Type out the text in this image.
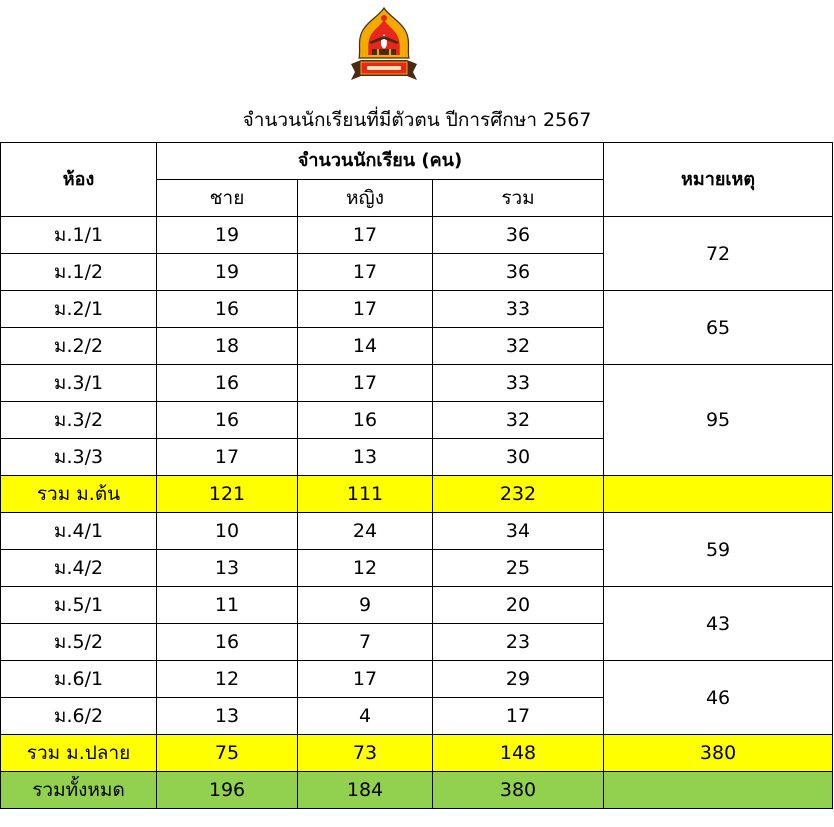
จำนวนนักเรียนที่มีตัวตน ปีการศึกษา 2567
ห้อง	จำนวนนักเรียน (คน)			หมายเหตุ
	ชาย	หญิง	รวม	
ม.1/1	19	17	36	72
ม.1/2	19	17	36	
ม.2/1	16	17	33	65
ม.2/2	18	14	32	
ม.3/1	16	17	33	95
ม.3/2	16	16	32	
ม.3/3	17	13	30	
รวม ม.ต้น	121	111	232	
ม.4/1	10	24	34	59
ม.4/2	13	12	25	
ม.5/1	11	9	20	43
ม.5/2	16	7	23	
ม.6/1	12	17	29	46
ม.6/2	13	4	17	
รวม ม.ปลาย	75	73	148	380
รวมทั้งหมด	196	184	380	
